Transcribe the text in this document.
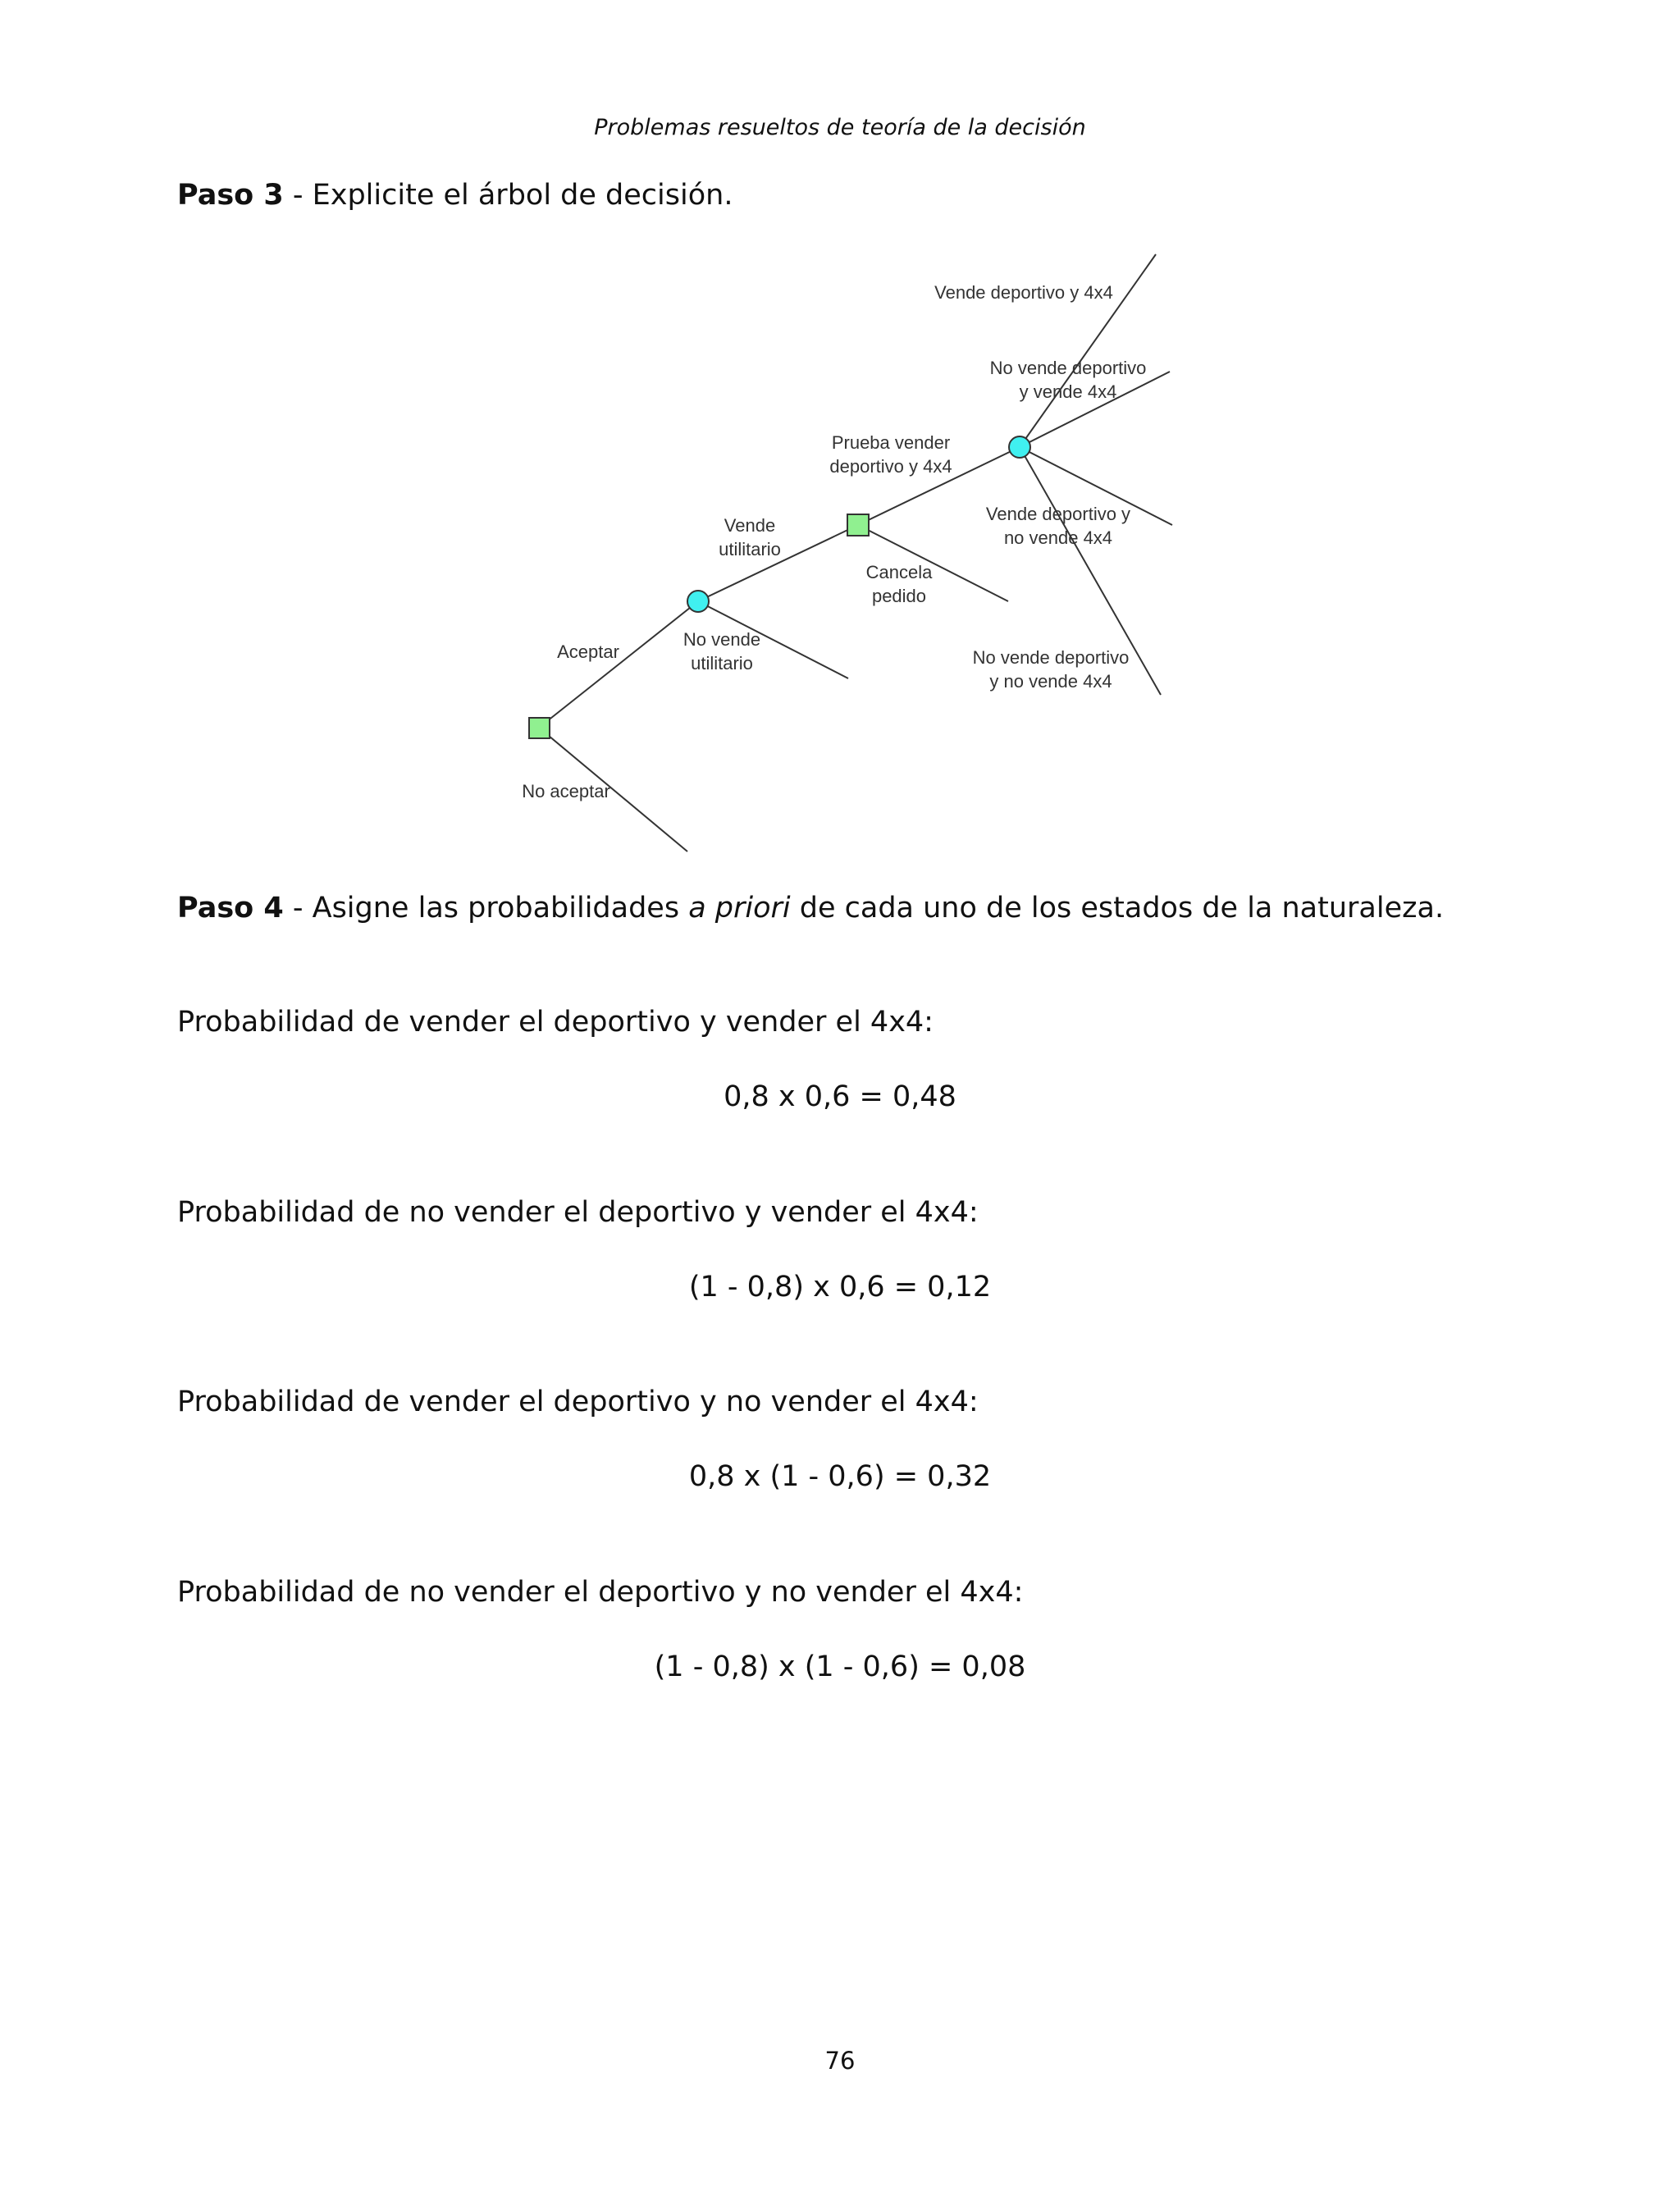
Problemas resueltos de teoría de la decisión
Paso 3 - Explicite el árbol de decisión.
Aceptar
No aceptar
Vende
utilitario
No vende
utilitario
Prueba vender
deportivo y 4x4
Cancela
pedido
Vende deportivo y 4x4
No vende deportivo
y vende 4x4
Vende deportivo y
no vende 4x4
No vende deportivo
y no vende 4x4
Paso 4 - Asigne las probabilidades a priori de cada uno de los estados de la naturaleza.
Probabilidad de vender el deportivo y vender el 4x4:
0,8 x 0,6 = 0,48
Probabilidad de no vender el deportivo y vender el 4x4:
(1 - 0,8) x 0,6 = 0,12
Probabilidad de vender el deportivo y no vender el 4x4:
0,8 x (1 - 0,6) = 0,32
Probabilidad de no vender el deportivo y no vender el 4x4:
(1 - 0,8) x (1 - 0,6) = 0,08
76
